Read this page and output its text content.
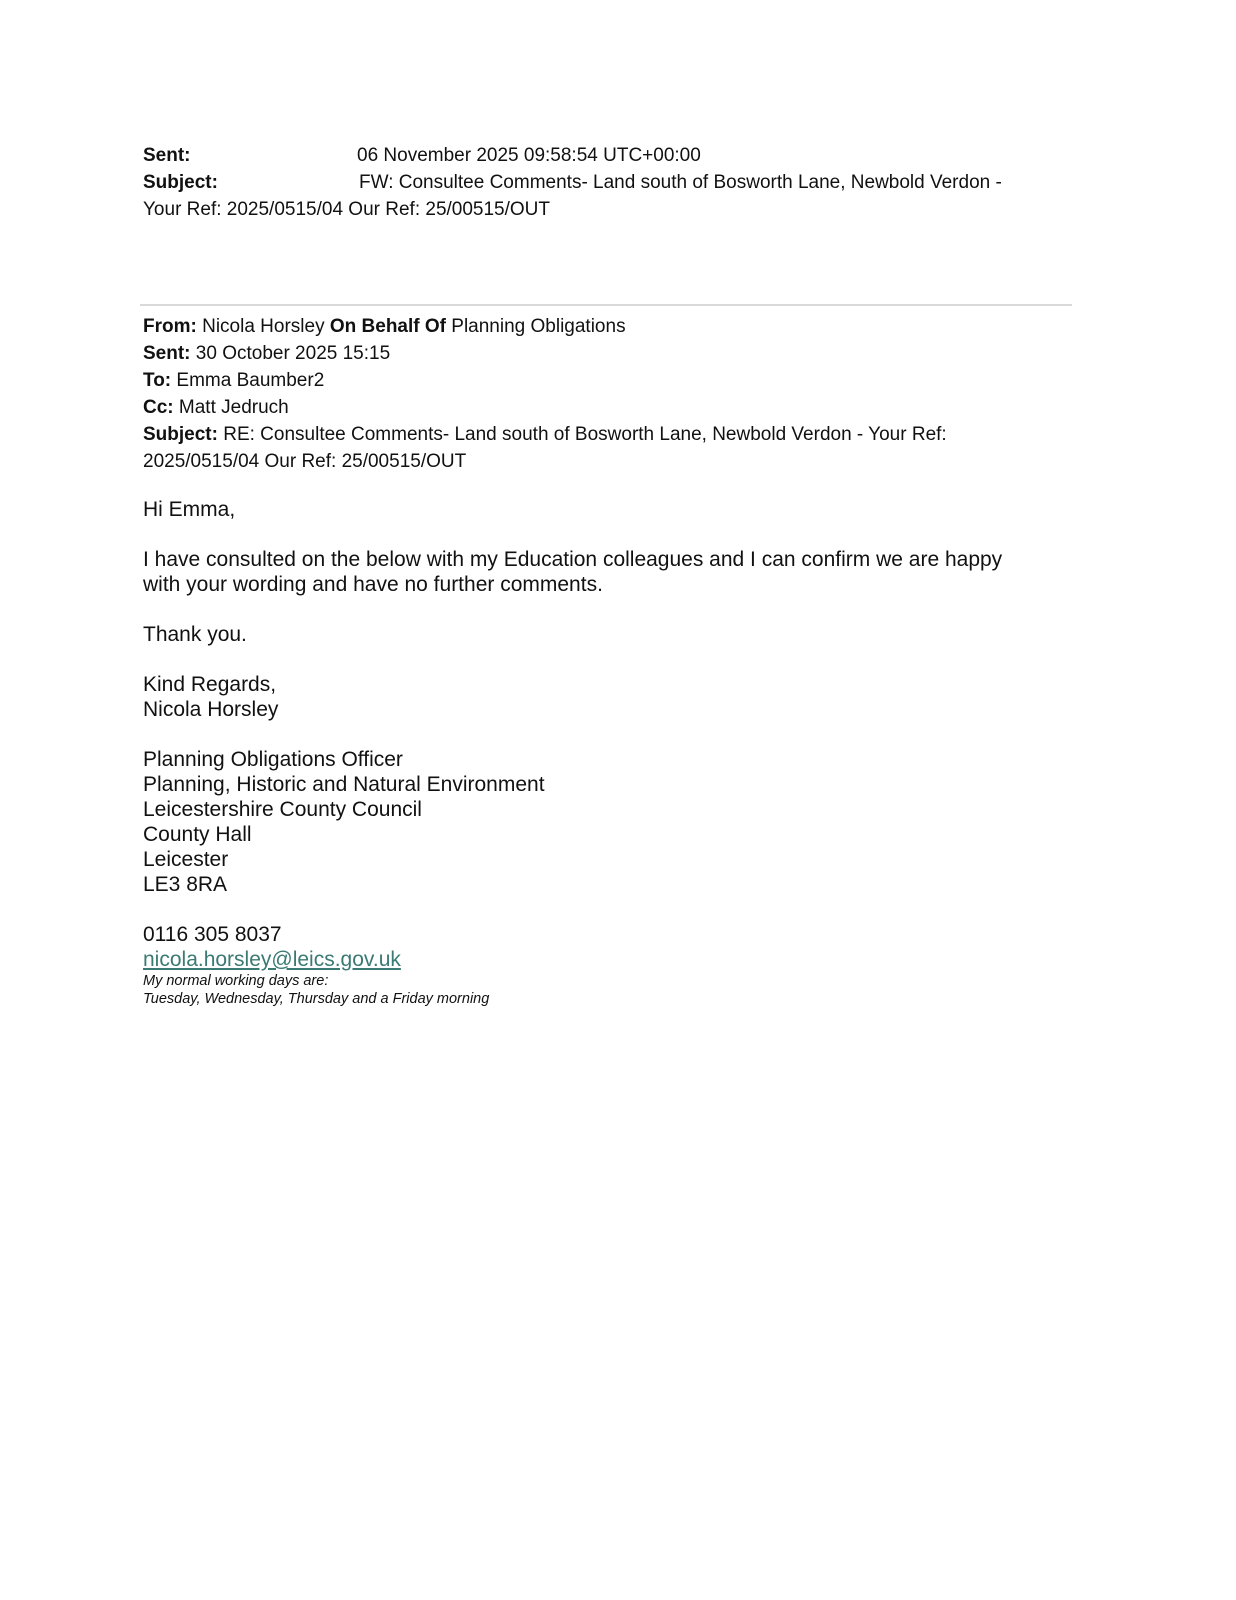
Sent:	06 November 2025 09:58:54 UTC+00:00
Subject:	FW: Consultee Comments- Land south of Bosworth Lane, Newbold Verdon -
Your Ref: 2025/0515/04 Our Ref: 25/00515/OUT
From: Nicola Horsley On Behalf Of Planning Obligations
Sent: 30 October 2025 15:15
To: Emma Baumber2
Cc: Matt Jedruch
Subject: RE: Consultee Comments- Land south of Bosworth Lane, Newbold Verdon - Your Ref:
2025/0515/04 Our Ref: 25/00515/OUT

Hi Emma,

I have consulted on the below with my Education colleagues and I can confirm we are happy
with your wording and have no further comments.

Thank you.

Kind Regards,
Nicola Horsley

Planning Obligations Officer
Planning, Historic and Natural Environment
Leicestershire County Council
County Hall
Leicester
LE3 8RA

0116 305 8037
nicola.horsley@leics.gov.uk
My normal working days are:
Tuesday, Wednesday, Thursday and a Friday morning
